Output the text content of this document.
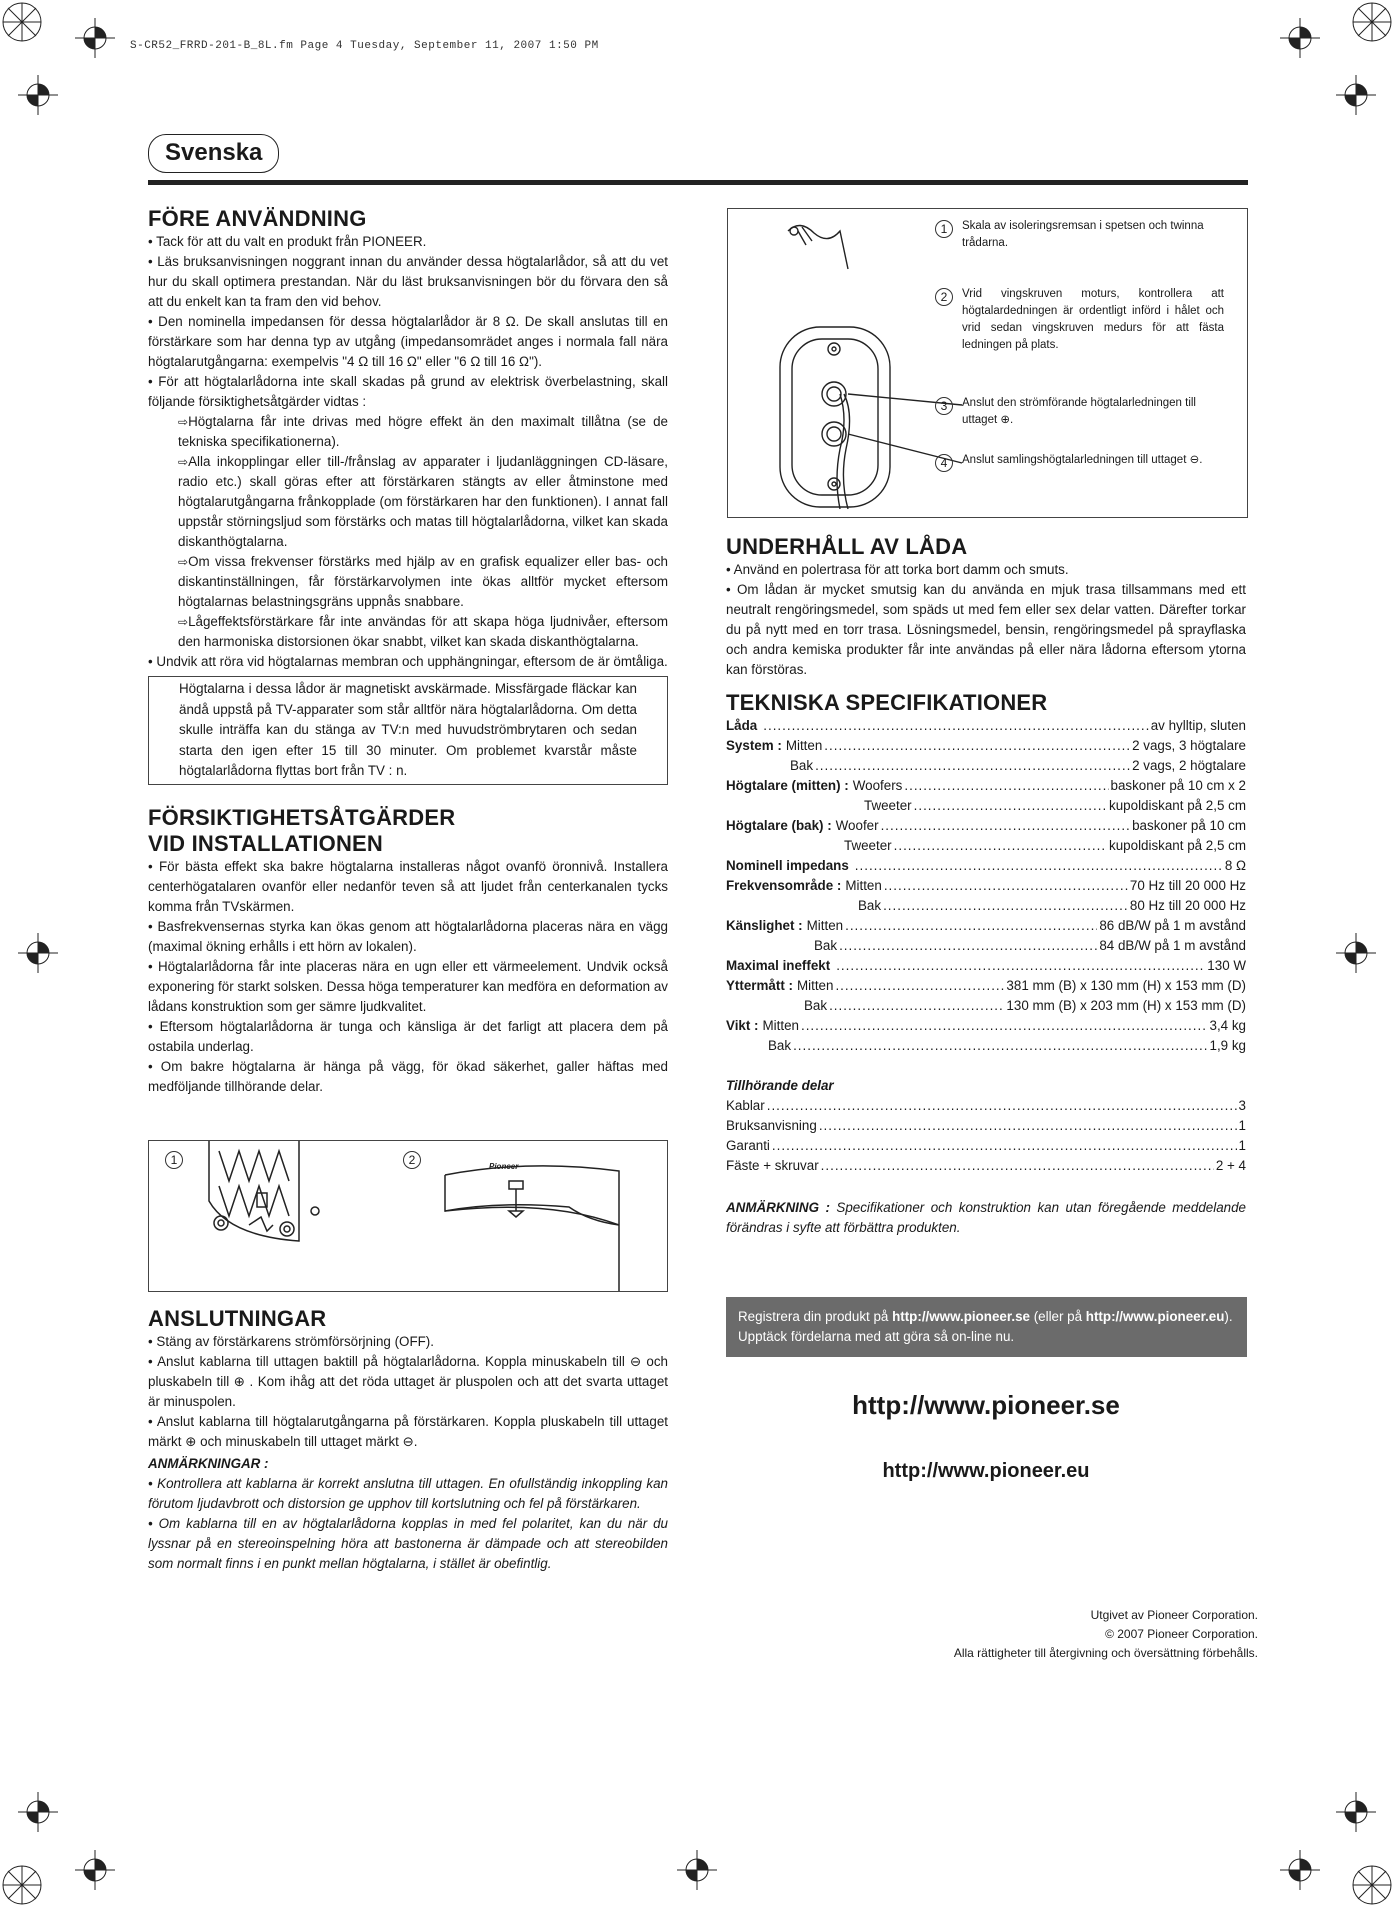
S-CR52_FRRD-201-B_8L.fm Page 4 Tuesday, September 11, 2007 1:50 PM
Svenska
FÖRE ANVÄNDNING

• Tack för att du valt en produkt från PIONEER.

• Läs bruksanvisningen noggrant innan du använder dessa högtalarlådor, så att du vet hur du skall optimera prestandan. När du läst bruksanvisningen bör du förvara den så att du enkelt kan ta fram den vid behov.

• Den nominella impedansen för dessa högtalarlådor är 8 Ω. De skall anslutas till en förstärkare som har denna typ av utgång (impedansomrädet anges i normala fall nära högtalarutgångarna: exempelvis "4 Ω till 16 Ω" eller "6 Ω till 16 Ω").

• För att högtalarlådorna inte skall skadas på grund av elektrisk överbelastning, skall följande försiktighetsåtgärder vidtas :

⇨Högtalarna får inte drivas med högre effekt än den maximalt tillåtna (se de tekniska specifikationerna).

⇨Alla inkopplingar eller till-/frånslag av apparater i ljudanläggningen CD-läsare, radio etc.) skall göras efter att förstärkaren stängts av eller åtminstone med högtalarutgångarna frånkopplade (om förstärkaren har den funktionen). I annat fall uppstår störningsljud som förstärks och matas till högtalarlådorna, vilket kan skada diskanthögtalarna.

⇨Om vissa frekvenser förstärks med hjälp av en grafisk equalizer eller bas- och diskantinställningen, får förstärkarvolymen inte ökas alltför mycket eftersom högtalarnas belastningsgräns uppnås snabbare.

⇨Lågeffektsförstärkare får inte användas för att skapa höga ljudnivåer, eftersom den harmoniska distorsionen ökar snabbt, vilket kan skada diskanthögtalarna.

• Undvik att röra vid högtalarnas membran och upphängningar, eftersom de är ömtåliga.

Högtalarna i dessa lådor är magnetiskt avskärmade. Missfärgade fläckar kan ändå uppstå på TV-apparater som står alltför nära högtalarlådorna. Om detta skulle inträffa kan du stänga av TV:n med huvudströmbrytaren och sedan starta den igen efter 15 till 30 minuter. Om problemet kvarstår måste högtalarlådorna flyttas bort från TV : n.
FÖRSIKTIGHETSÅTGÄRDER
VID INSTALLATIONEN

• För bästa effekt ska bakre högtalarna installeras något ovanfö öronnivå. Installera centerhögatalaren ovanför eller nedanför teven så att ljudet från centerkanalen tycks komma från TVskärmen.

• Basfrekvensernas styrka kan ökas genom att högtalarlådorna placeras nära en vägg (maximal ökning erhålls i ett hörn av lokalen).

• Högtalarlådorna får inte placeras nära en ugn eller ett värmeelement. Undvik också exponering för starkt solsken. Dessa höga temperaturer kan medföra en deformation av lådans konstruktion som ger sämre ljudkvalitet.

• Eftersom högtalarlådorna är tunga och känsliga är det farligt att placera dem på ostabila underlag.

• Om bakre högtalarna är hänga på vägg, för ökad säkerhet, galler häftas med medföljande tillhörande delar.

1	2	Pioneer
ANSLUTNINGAR

• Stäng av förstärkarens strömförsörjning (OFF).

• Anslut kablarna till uttagen baktill på högtalarlådorna. Koppla minuskabeln till ⊖ och pluskabeln till ⊕ . Kom ihåg att det röda uttaget är pluspolen och att det svarta uttaget är minuspolen.

• Anslut kablarna till högtalarutgångarna på förstärkaren. Koppla pluskabeln till uttaget märkt ⊕ och minuskabeln till uttaget märkt ⊖.

ANMÄRKNINGAR :

• Kontrollera att kablarna är korrekt anslutna till uttagen. En ofullständig inkoppling kan förutom ljudavbrott och distorsion ge upphov till kortslutning och fel på förstärkaren.

• Om kablarna till en av högtalarlådorna kopplas in med fel polaritet, kan du när du lyssnar på en stereoinspelning höra att bastonerna är dämpade och att stereobilden som normalt finns i en punkt mellan högtalarna, i stället är obefintlig.

1	Skala av isoleringsremsan i spetsen och twinna trådarna.
2	Vrid vingskruven moturs, kontrollera att högtalardedningen är ordentligt införd i hålet och vrid sedan vingskruven medurs för att fästa ledningen på plats.
3	Anslut den strömförande högtalarledningen till uttaget ⊕.
4	Anslut samlingshögtalarledningen till uttaget ⊖.
UNDERHÅLL AV LÅDA

• Använd en polertrasa för att torka bort damm och smuts.

• Om lådan är mycket smutsig kan du använda en mjuk trasa tillsammans med ett neutralt rengöringsmedel, som späds ut med fem eller sex delar vatten. Därefter torkar du på nytt med en torr trasa. Lösningsmedel, bensin, rengöringsmedel på sprayflaska och andra kemiska produkter får inte användas på eller nära lådorna eftersom ytorna kan förstöras.

TEKNISKA SPECIFIKATIONER
Låda .....	av hylltip, sluten
System : Mitten .....	2 vags, 3 högtalare
Bak .....	2 vags, 2 högtalare
Högtalare (mitten) : Woofers .....	baskoner på 10 cm x 2
Tweeter .....	kupoldiskant på 2,5 cm
Högtalare (bak) : Woofer .....	baskoner på 10 cm
Tweeter .....	kupoldiskant på 2,5 cm
Nominell impedans .....	8 Ω
Frekvensområde : Mitten .....	70 Hz till 20 000 Hz
Bak .....	80 Hz till 20 000 Hz
Känslighet : Mitten .....	86 dB/W på 1 m avstånd
Bak .....	84 dB/W på 1 m avstånd
Maximal ineffekt .....	130 W
Yttermått : Mitten .....	381 mm (B) x 130 mm (H) x 153 mm (D)
Bak .....	130 mm (B) x 203 mm (H) x 153 mm (D)
Vikt : Mitten .....	3,4 kg
Bak .....	1,9 kg

Tillhörande delar

Kablar .....	3
Bruksanvisning .....	1
Garanti .....	1
Fäste + skruvar .....	2 + 4

ANMÄRKNING : Specifikationer och konstruktion kan utan föregående meddelande förändras i syfte att förbättra produkten.

Registrera din produkt på http://www.pioneer.se (eller på http://www.pioneer.eu).
Upptäck fördelarna med att göra så on-line nu.
http://www.pioneer.se
http://www.pioneer.eu
Utgivet av Pioneer Corporation.
© 2007 Pioneer Corporation.
Alla rättigheter till återgivning och översättning förbehålls.
